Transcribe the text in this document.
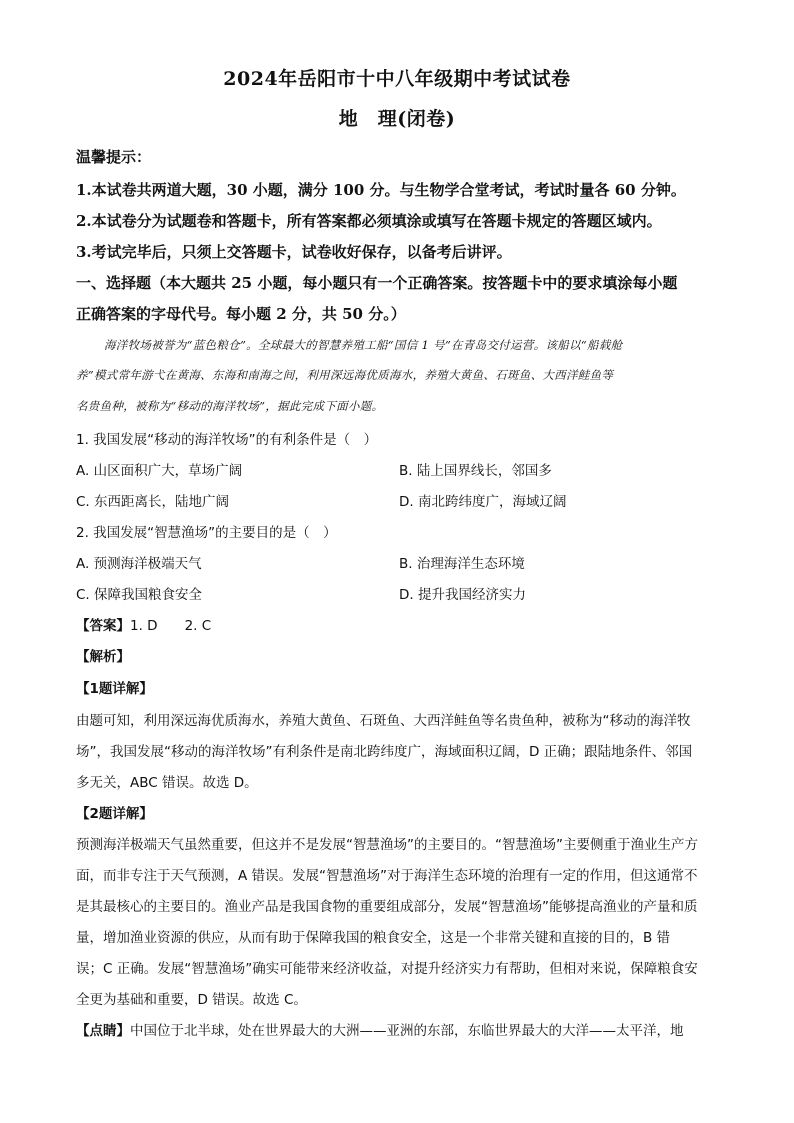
2024年岳阳市十中八年级期中考试试卷
地　理(闭卷)
温馨提示：
1.本试卷共两道大题，30 小题，满分 100 分。与生物学合堂考试，考试时量各 60 分钟。
2.本试卷分为试题卷和答题卡，所有答案都必须填涂或填写在答题卡规定的答题区域内。
3.考试完毕后，只须上交答题卡，试卷收好保存，以备考后讲评。
一、选择题（本大题共 25 小题，每小题只有一个正确答案。按答题卡中的要求填涂每小题
正确答案的字母代号。每小题 2 分，共 50 分。）
海洋牧场被誉为“蓝色粮仓”。全球最大的智慧养殖工船“国信 1 号”在青岛交付运营。该船以“船载舱
养”模式常年游弋在黄海、东海和南海之间，利用深远海优质海水，养殖大黄鱼、石斑鱼、大西洋鲑鱼等
名贵鱼种，被称为“移动的海洋牧场”，据此完成下面小题。
1. 我国发展“移动的海洋牧场”的有利条件是（　）
A. 山区面积广大，草场广阔	B. 陆上国界线长，邻国多
C. 东西距离长，陆地广阔	D. 南北跨纬度广，海域辽阔
2. 我国发展“智慧渔场”的主要目的是（　）
A. 预测海洋极端天气	B. 治理海洋生态环境
C. 保障我国粮食安全	D. 提升我国经济实力
【答案】1. D　　2. C
【解析】
【1题详解】
由题可知，利用深远海优质海水，养殖大黄鱼、石斑鱼、大西洋鲑鱼等名贵鱼种，被称为“移动的海洋牧
场”，我国发展“移动的海洋牧场”有利条件是南北跨纬度广，海域面积辽阔，D 正确；跟陆地条件、邻国
多无关，ABC 错误。故选 D。
【2题详解】
预测海洋极端天气虽然重要，但这并不是发展“智慧渔场”的主要目的。“智慧渔场”主要侧重于渔业生产方
面，而非专注于天气预测，A 错误。发展“智慧渔场”对于海洋生态环境的治理有一定的作用，但这通常不
是其最核心的主要目的。渔业产品是我国食物的重要组成部分，发展“智慧渔场”能够提高渔业的产量和质
量，增加渔业资源的供应，从而有助于保障我国的粮食安全，这是一个非常关键和直接的目的，B 错
误；C 正确。发展“智慧渔场”确实可能带来经济收益，对提升经济实力有帮助，但相对来说，保障粮食安
全更为基础和重要，D 错误。故选 C。
【点睛】中国位于北半球，处在世界最大的大洲——亚洲的东部，东临世界最大的大洋——太平洋，地
